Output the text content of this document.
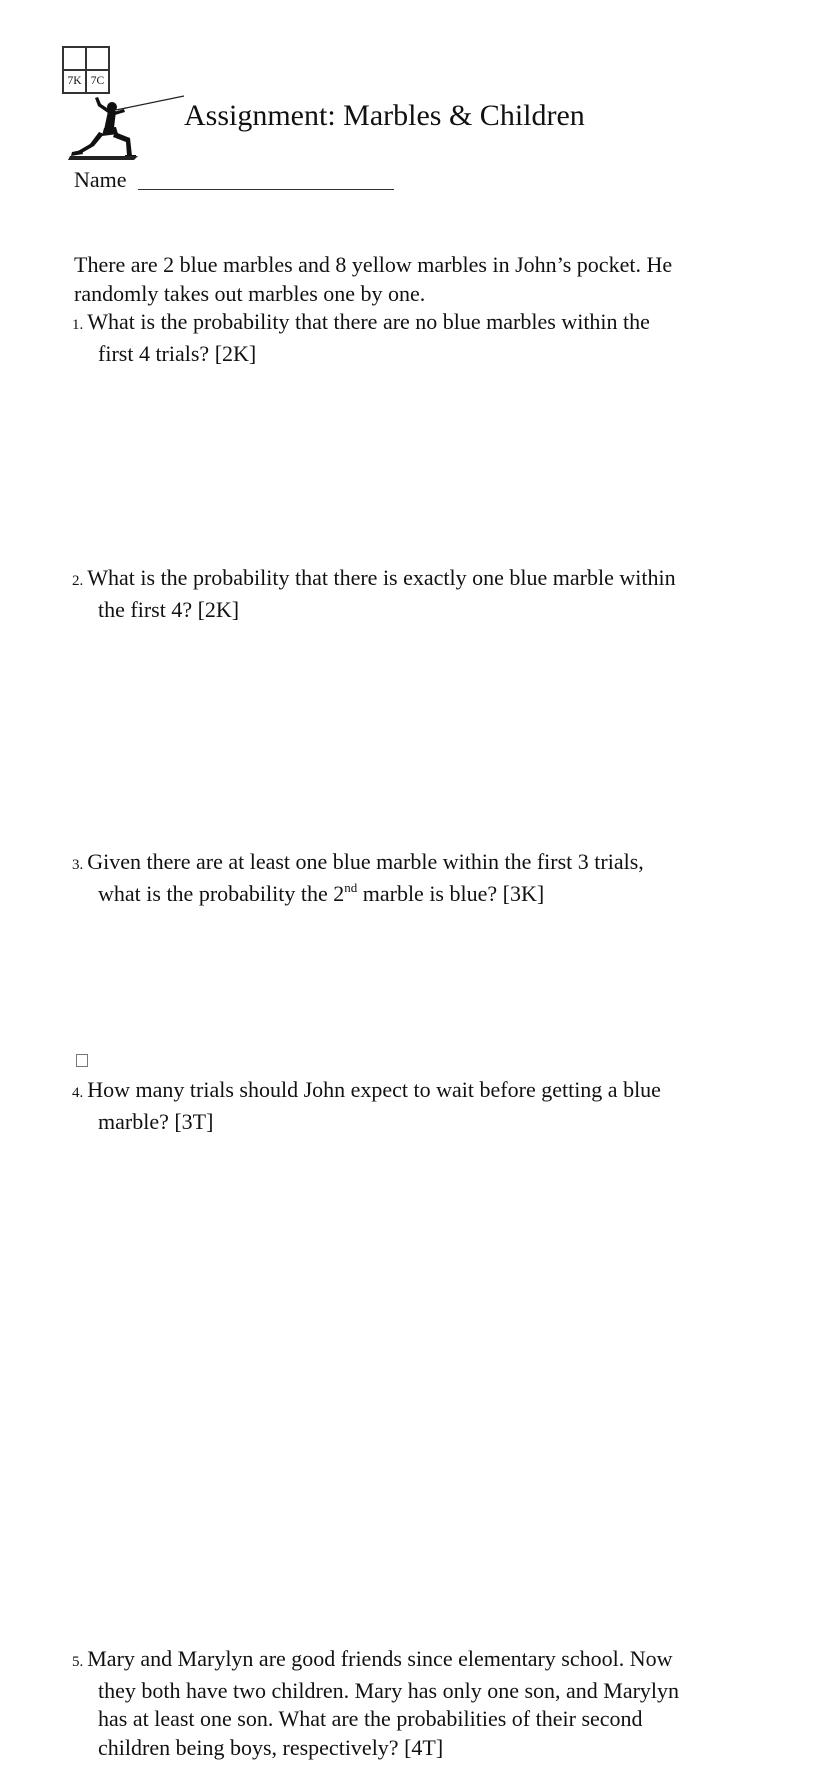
7K 7C
Assignment: Marbles & Children
Name
There are 2 blue marbles and 8 yellow marbles in John’s pocket. He
randomly takes out marbles one by one.
1. What is the probability that there are no blue marbles within the
first 4 trials? [2K]
2. What is the probability that there is exactly one blue marble within
the first 4? [2K]
3. Given there are at least one blue marble within the first 3 trials,
what is the probability the 2nd marble is blue? [3K]
4. How many trials should John expect to wait before getting a blue
marble? [3T]
5. Mary and Marylyn are good friends since elementary school. Now
they both have two children. Mary has only one son, and Marylyn
has at least one son. What are the probabilities of their second
children being boys, respectively? [4T]
